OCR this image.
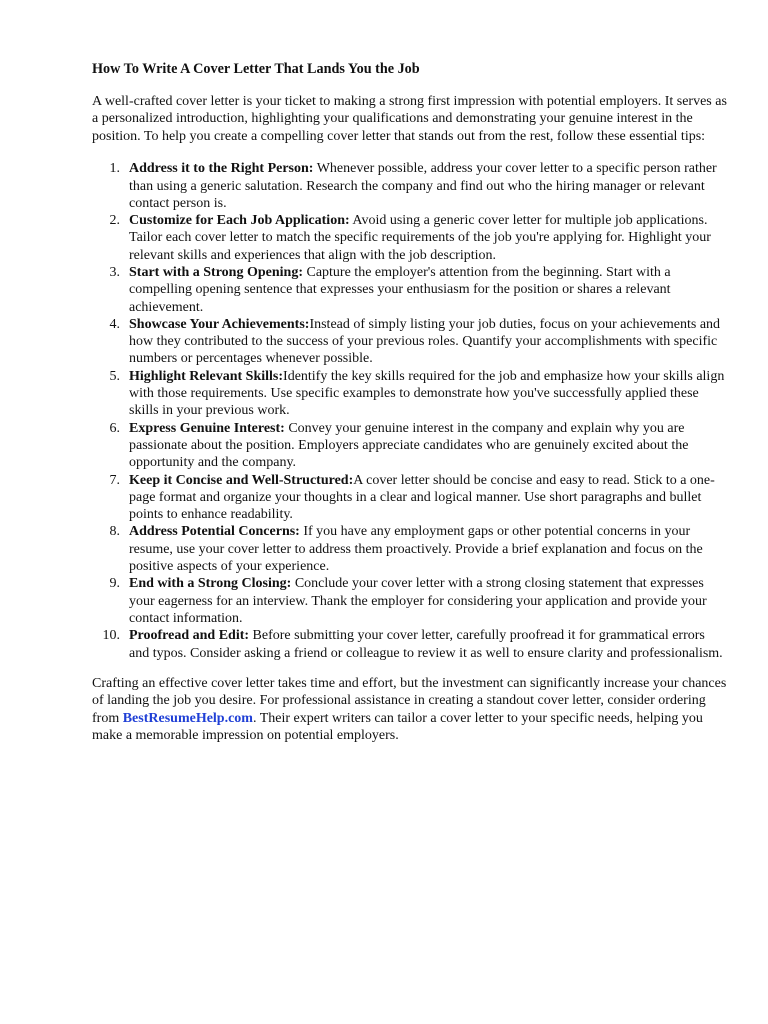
How To Write A Cover Letter That Lands You the Job

A well-crafted cover letter is your ticket to making a strong first impression with potential employers. It serves as a personalized introduction, highlighting your qualifications and demonstrating your genuine interest in the position. To help you create a compelling cover letter that stands out from the rest, follow these essential tips:

1. Address it to the Right Person: Whenever possible, address your cover letter to a specific person rather than using a generic salutation. Research the company and find out who the hiring manager or relevant contact person is.
2. Customize for Each Job Application: Avoid using a generic cover letter for multiple job applications. Tailor each cover letter to match the specific requirements of the job you're applying for. Highlight your relevant skills and experiences that align with the job description.
3. Start with a Strong Opening: Capture the employer's attention from the beginning. Start with a compelling opening sentence that expresses your enthusiasm for the position or shares a relevant achievement.
4. Showcase Your Achievements:Instead of simply listing your job duties, focus on your achievements and how they contributed to the success of your previous roles. Quantify your accomplishments with specific numbers or percentages whenever possible.
5. Highlight Relevant Skills:Identify the key skills required for the job and emphasize how your skills align with those requirements. Use specific examples to demonstrate how you've successfully applied these skills in your previous work.
6. Express Genuine Interest: Convey your genuine interest in the company and explain why you are passionate about the position. Employers appreciate candidates who are genuinely excited about the opportunity and the company.
7. Keep it Concise and Well-Structured:A cover letter should be concise and easy to read. Stick to a one-page format and organize your thoughts in a clear and logical manner. Use short paragraphs and bullet points to enhance readability.
8. Address Potential Concerns: If you have any employment gaps or other potential concerns in your resume, use your cover letter to address them proactively. Provide a brief explanation and focus on the positive aspects of your experience.
9. End with a Strong Closing: Conclude your cover letter with a strong closing statement that expresses your eagerness for an interview. Thank the employer for considering your application and provide your contact information.
10. Proofread and Edit: Before submitting your cover letter, carefully proofread it for grammatical errors and typos. Consider asking a friend or colleague to review it as well to ensure clarity and professionalism.

Crafting an effective cover letter takes time and effort, but the investment can significantly increase your chances of landing the job you desire. For professional assistance in creating a standout cover letter, consider ordering from BestResumeHelp.com. Their expert writers can tailor a cover letter to your specific needs, helping you make a memorable impression on potential employers.
